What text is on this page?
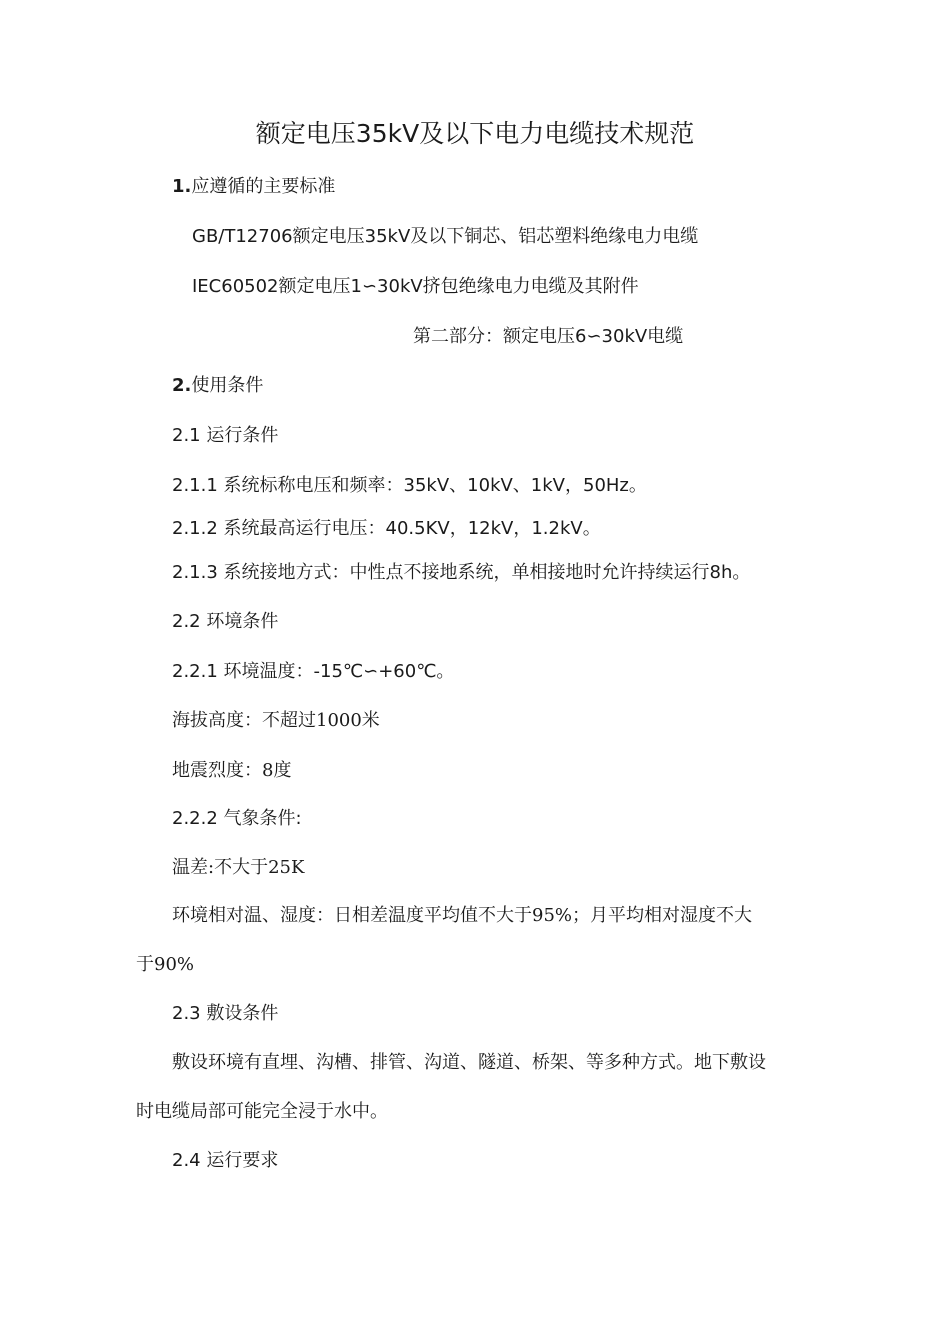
额定电压35kV及以下电力电缆技术规范
1.应遵循的主要标准
GB/T12706额定电压35kV及以下铜芯、铝芯塑料绝缘电力电缆
IEC60502额定电压1∽30kV挤包绝缘电力电缆及其附件
第二部分：额定电压6∽30kV电缆
2.使用条件
2.1 运行条件
2.1.1 系统标称电压和频率：35kV、10kV、1kV，50Hz。
2.1.2 系统最高运行电压：40.5KV，12kV，1.2kV。
2.1.3 系统接地方式：中性点不接地系统，单相接地时允许持续运行8h。
2.2 环境条件
2.2.1 环境温度：-15℃∽+60℃。
海拔高度：不超过1000米
地震烈度：8度
2.2.2 气象条件:
温差:不大于25K
环境相对温、湿度：日相差温度平均值不大于95%；月平均相对湿度不大
于90%
2.3 敷设条件
敷设环境有直埋、沟槽、排管、沟道、隧道、桥架、等多种方式。地下敷设
时电缆局部可能完全浸于水中。
2.4 运行要求
